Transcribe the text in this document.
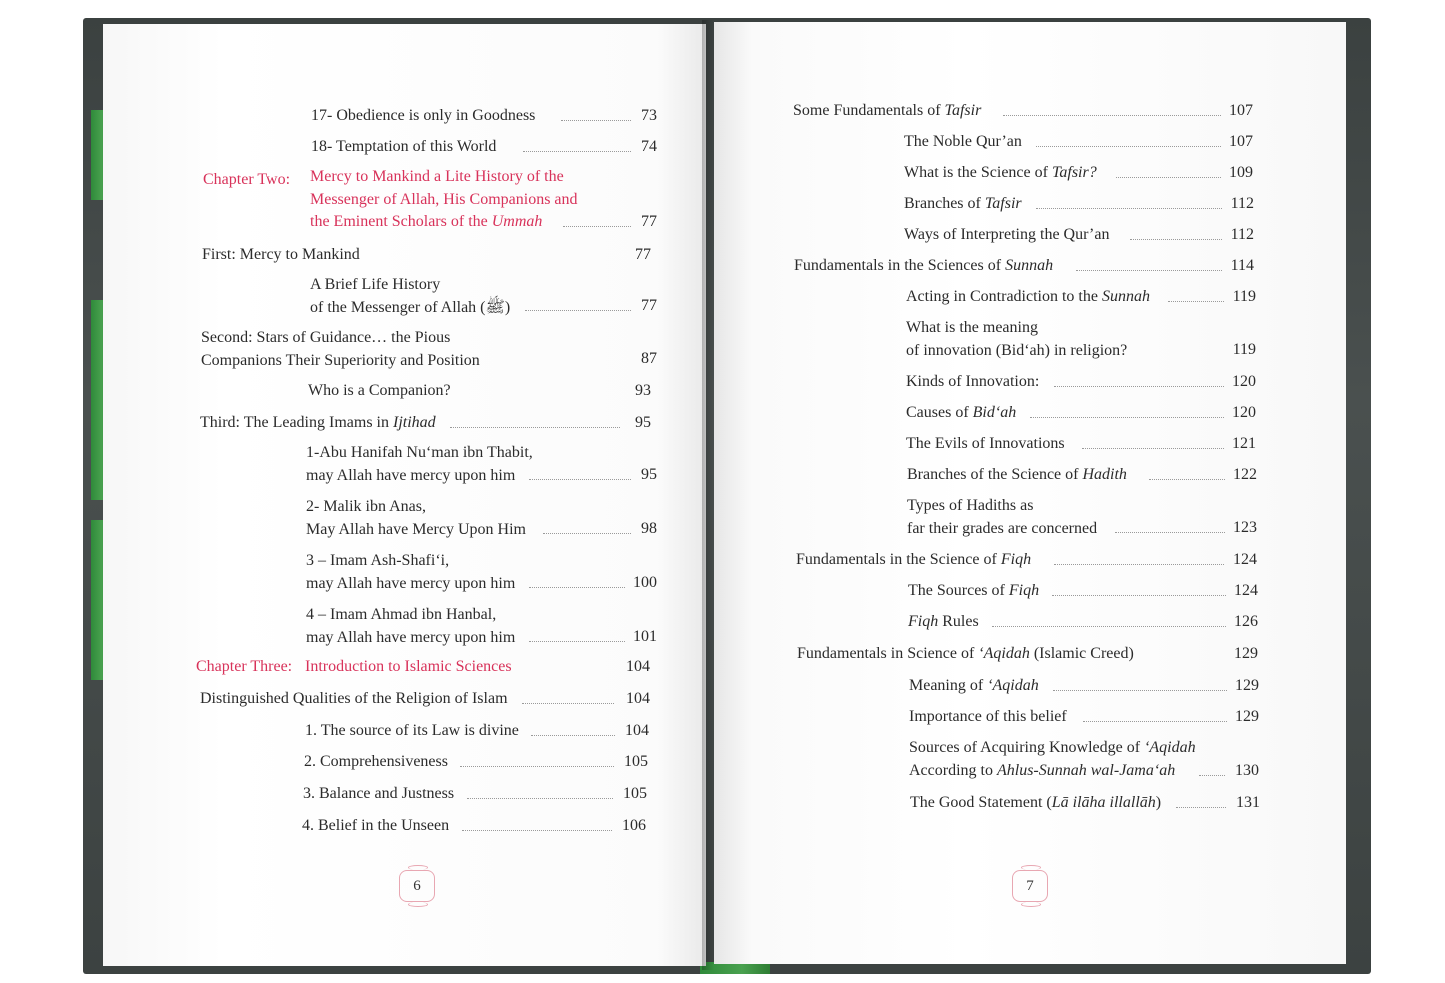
17- Obedience is only in Goodness	73
18- Temptation of this World	74
Chapter Two: Mercy to Mankind a Lite History of the
Messenger of Allah, His Companions and
the Eminent Scholars of the Ummah	77
First: Mercy to Mankind	77
A Brief Life History
of the Messenger of Allah (ﷺ)	77
Second: Stars of Guidance… the Pious
Companions Their Superiority and Position	87
Who is a Companion?	93
Third: The Leading Imams in Ijtihad	95
1-Abu Hanifah Nu‘man ibn Thabit,
may Allah have mercy upon him	95
2- Malik ibn Anas,
May Allah have Mercy Upon Him	98
3 – Imam Ash-Shafi‘i,
may Allah have mercy upon him	100
4 – Imam Ahmad ibn Hanbal,
may Allah have mercy upon him	101
Chapter Three: Introduction to Islamic Sciences	104
Distinguished Qualities of the Religion of Islam	104
1. The source of its Law is divine	104
2. Comprehensiveness	105
3. Balance and Justness	105
4. Belief in the Unseen	106
6
Some Fundamentals of Tafsir	107
The Noble Qur’an	107
What is the Science of Tafsir?	109
Branches of Tafsir	112
Ways of Interpreting the Qur’an	112
Fundamentals in the Sciences of Sunnah	114
Acting in Contradiction to the Sunnah	119
What is the meaning
of innovation (Bid‘ah) in religion?	119
Kinds of Innovation:	120
Causes of Bid‘ah	120
The Evils of Innovations	121
Branches of the Science of Hadith	122
Types of Hadiths as
far their grades are concerned	123
Fundamentals in the Science of Fiqh	124
The Sources of Fiqh	124
Fiqh Rules	126
Fundamentals in Science of ‘Aqidah (Islamic Creed)	129
Meaning of ‘Aqidah	129
Importance of this belief	129
Sources of Acquiring Knowledge of ‘Aqidah
According to Ahlus-Sunnah wal-Jama‘ah	130
The Good Statement (Lā ilāha illallāh)	131
7
